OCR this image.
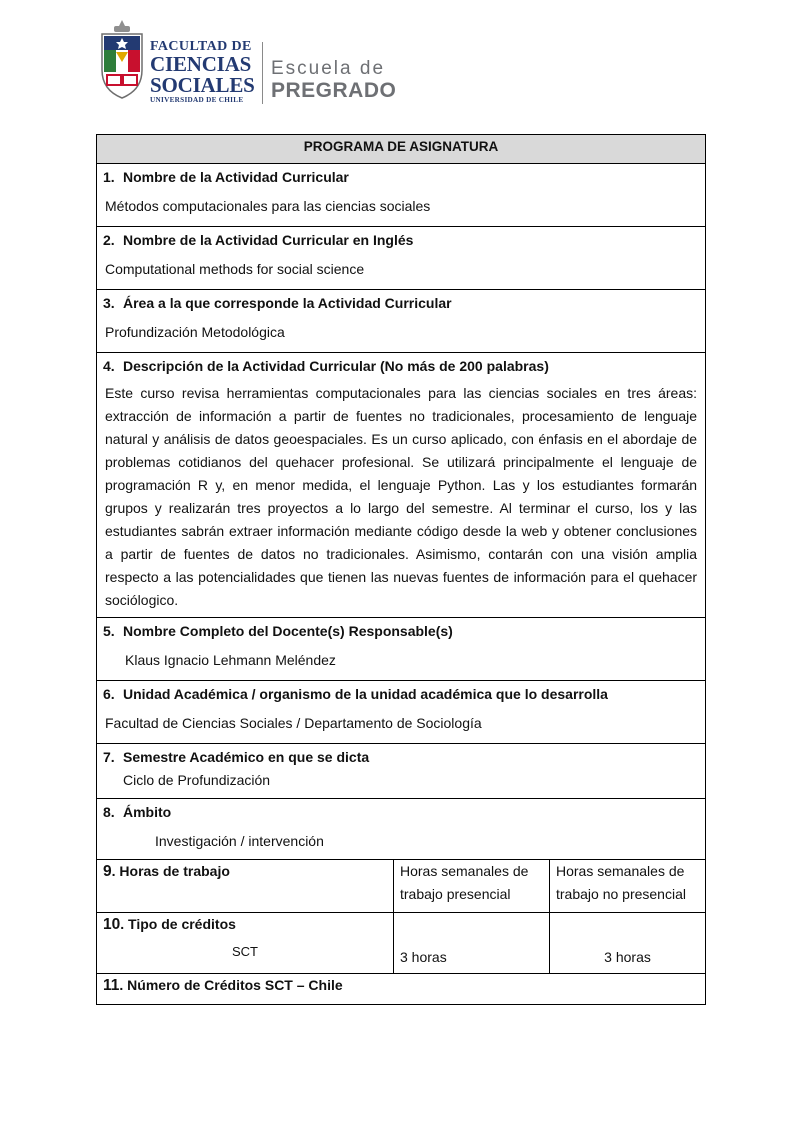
FACULTAD DE
CIENCIAS
SOCIALES
UNIVERSIDAD DE CHILE
Escuela de
PREGRADO
PROGRAMA DE ASIGNATURA		

1. Nombre de la Actividad Curricular
Métodos computacionales para las ciencias sociales		

2. Nombre de la Actividad Curricular en Inglés
Computational methods for social science		

3. Área a la que corresponde la Actividad Curricular
Profundización Metodológica		

4. Descripción de la Actividad Curricular (No más de 200 palabras)
Este curso revisa herramientas computacionales para las ciencias sociales en tres áreas: extracción de información a partir de fuentes no tradicionales, procesamiento de lenguaje natural y análisis de datos geoespaciales. Es un curso aplicado, con énfasis en el abordaje de problemas cotidianos del quehacer profesional. Se utilizará principalmente el lenguaje de programación R y, en menor medida, el lenguaje Python. Las y los estudiantes formarán grupos y realizarán tres proyectos a lo largo del semestre. Al terminar el curso, los y las estudiantes sabrán extraer información mediante código desde la web y obtener conclusiones a partir de fuentes de datos no tradicionales. Asimismo, contarán con una visión amplia respecto a las potencialidades que tienen las nuevas fuentes de información para el quehacer sociólogico.		

5. Nombre Completo del Docente(s) Responsable(s)
Klaus Ignacio Lehmann Meléndez		

6. Unidad Académica / organismo de la unidad académica que lo desarrolla
Facultad de Ciencias Sociales / Departamento de Sociología		

7. Semestre Académico en que se dicta
Ciclo de Profundización		

8. Ámbito
Investigación / intervención		

9. Horas de trabajo	Horas semanales de trabajo presencial	Horas semanales de trabajo no presencial

10. Tipo de créditos
SCT	3 horas	3 horas

11. Número de Créditos SCT – Chile		
